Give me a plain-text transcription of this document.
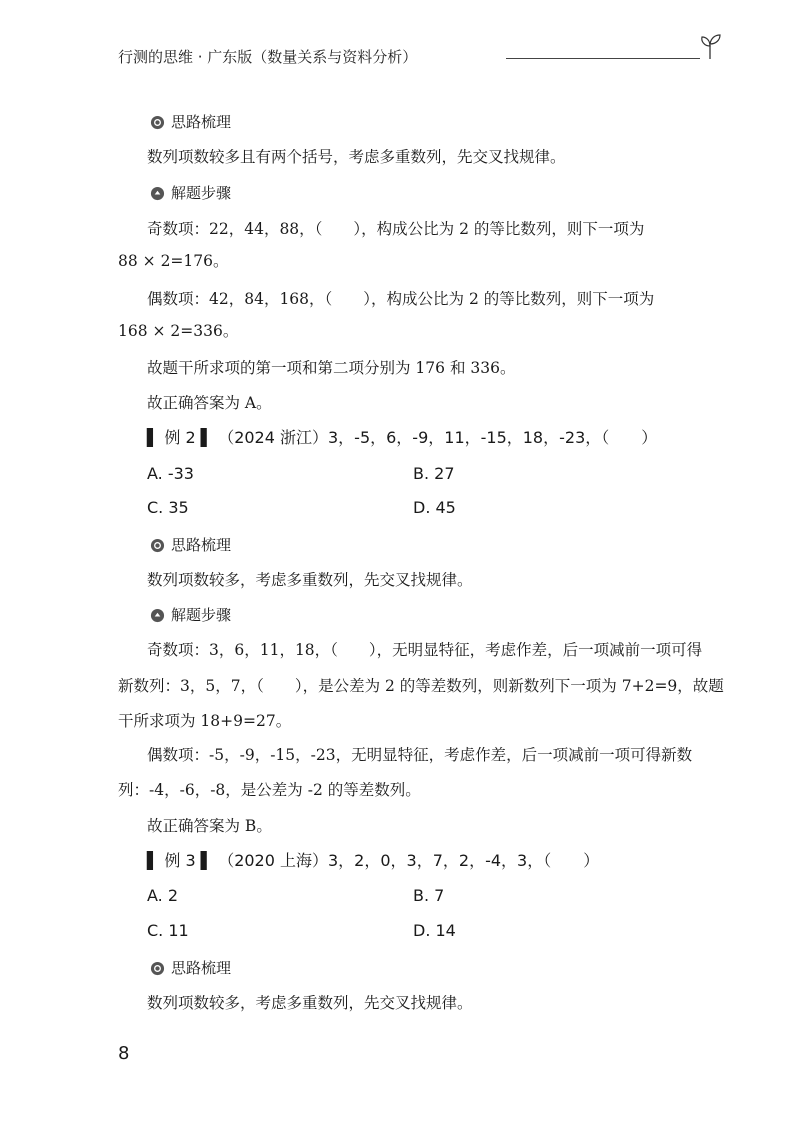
行测的思维 · 广东版（数量关系与资料分析）
思路梳理
数列项数较多且有两个括号，考虑多重数列，先交叉找规律。
解题步骤
奇数项：22，44，88，（　　），构成公比为 2 的等比数列，则下一项为
88 × 2=176。
偶数项：42，84，168，（　　），构成公比为 2 的等比数列，则下一项为
168 × 2=336。
故题干所求项的第一项和第二项分别为 176 和 336。
故正确答案为 A。
▌ 例 2 ▌ （2024 浙江）3，-5，6，-9，11，-15，18，-23，（　　）
A. -33	B. 27
C. 35	D. 45
思路梳理
数列项数较多，考虑多重数列，先交叉找规律。
解题步骤
奇数项：3，6，11，18，（　　），无明显特征，考虑作差，后一项减前一项可得
新数列：3，5，7，（　　），是公差为 2 的等差数列，则新数列下一项为 7+2=9，故题
干所求项为 18+9=27。
偶数项：-5，-9，-15，-23，无明显特征，考虑作差，后一项减前一项可得新数
列：-4，-6，-8，是公差为 -2 的等差数列。
故正确答案为 B。
▌ 例 3 ▌ （2020 上海）3，2，0，3，7，2，-4，3，（　　）
A. 2	B. 7
C. 11	D. 14
思路梳理
数列项数较多，考虑多重数列，先交叉找规律。
8
